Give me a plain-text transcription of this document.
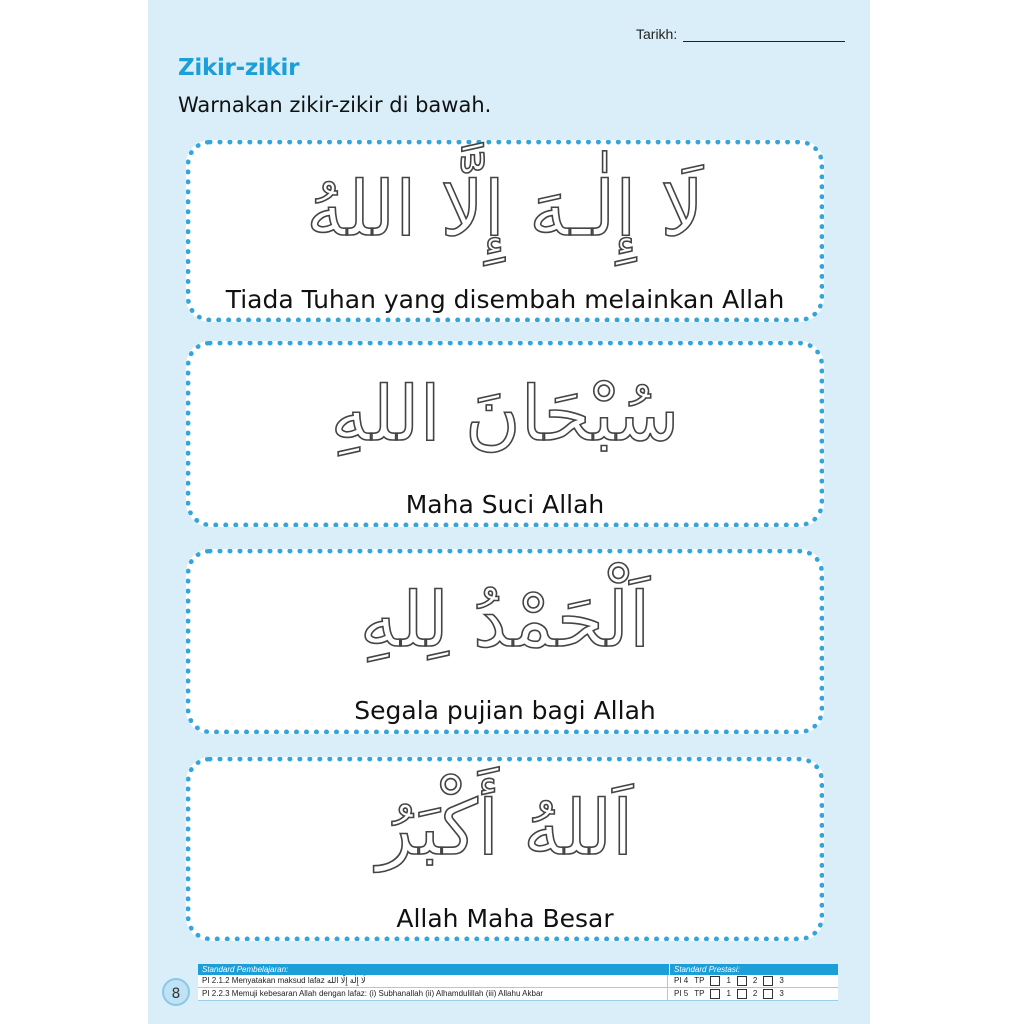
Tarikh:
Zikir-zikir
Warnakan zikir-zikir di bawah.
لَا إِلٰـهَ إِلَّا اللهُ
Tiada Tuhan yang disembah melainkan Allah
سُبْحَانَ اللهِ
Maha Suci Allah
اَلْحَمْدُ لِلهِ
Segala pujian bagi Allah
اَللهُ أَكْبَرُ
Allah Maha Besar
8
Standard Pembelajaran:	Standard Prestasi:
PI 2.1.2 Menyatakan maksud lafaz لَا إِلٰهَ إِلَّا الله	PI 4 TP	1	2	3
PI 2.2.3 Memuji kebesaran Allah dengan lafaz: (i) Subhanallah (ii) Alhamdulillah (iii) Allahu Akbar	PI 5 TP	1	2	3
